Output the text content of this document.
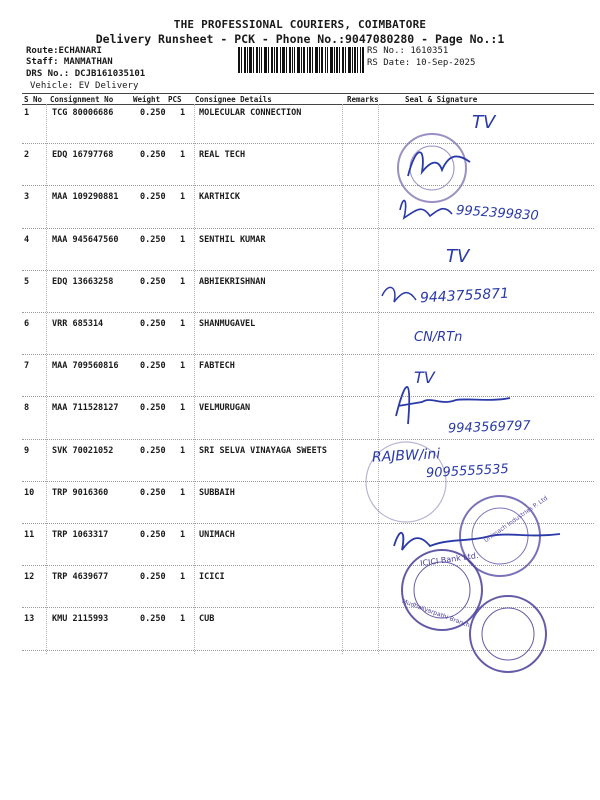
THE PROFESSIONAL COURIERS, COIMBATORE
Delivery Runsheet - PCK - Phone No.:9047080280 - Page No.:1
Route:ECHANARI
Staff: MANMATHAN
DRS No.: DCJB161035101
Vehicle: EV Delivery
RS No.: 1610351
RS Date: 10-Sep-2025
S No Consignment No	Weight PCS Consignee Details	Remarks	Seal & Signature
1	TCG 80006686	0.250 1 MOLECULAR CONNECTION
2	EDQ 16797768	0.250 1 REAL TECH
3	MAA 109290881	0.250 1 KARTHICK
4	MAA 945647560	0.250 1 SENTHIL KUMAR
5	EDQ 13663258	0.250 1 ABHIEKRISHNAN
6	VRR 685314	0.250 1 SHANMUGAVEL
7	MAA 709560816	0.250 1 FABTECH
8	MAA 711528127	0.250 1 VELMURUGAN
9	SVK 70021052	0.250 1 SRI SELVA VINAYAGA SWEETS
10 TRP 9016360	0.250 1 SUBBAIH
11 TRP 1063317	0.250 1 UNIMACH
12 TRP 4639677	0.250 1 ICICI
13 KMU 2115993	0.250 1 CUB
TV
9952399830
TV
9443755871
CN/RTn
TV
9943569797
RAJBW/ini
9095555535
ICICI Bank Ltd.
Unimach Industries P. Ltd
Mudhaliyarpathi Branch
